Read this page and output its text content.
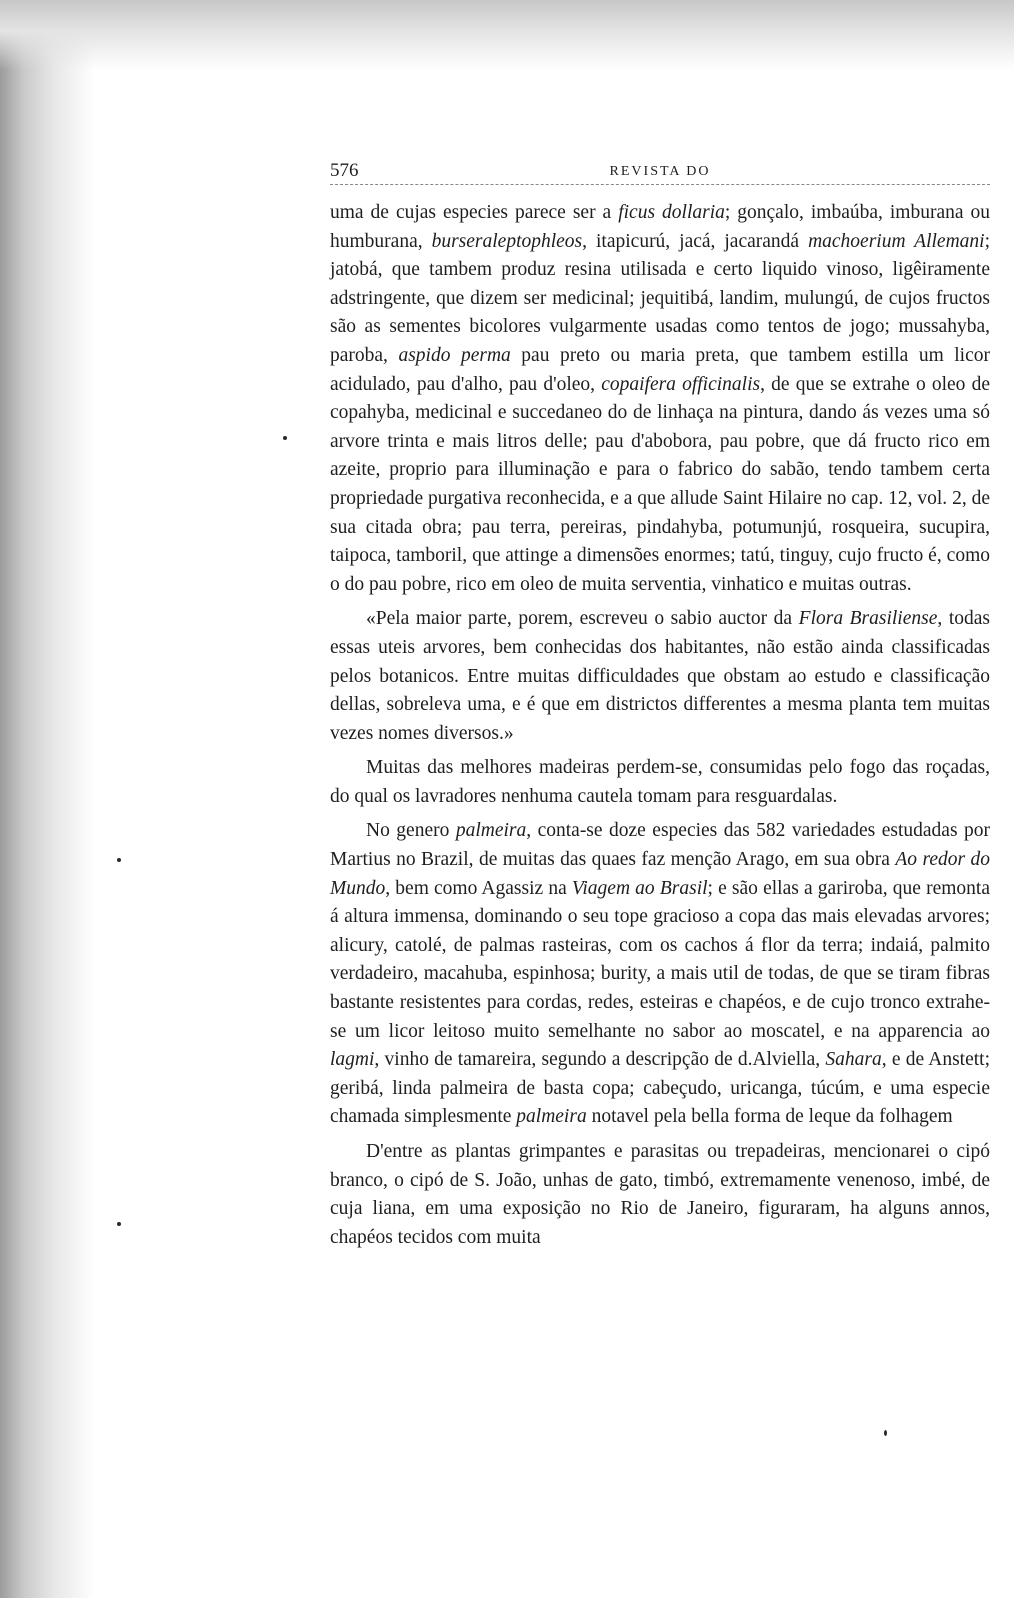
576	REVISTA DO

uma de cujas especies parece ser a ficus dollaria; gonçalo, imbaúba, imburana ou humburana, burseraleptophleos, itapicurú, jacá, jacarandá machoerium Allemani; jatobá, que tambem produz resina utilisada e certo liquido vinoso, ligêiramente adstringente, que dizem ser medicinal; jequitibá, landim, mulungú, de cujos fructos são as sementes bicolores vulgarmente usadas como tentos de jogo; mussahyba, paroba, aspido perma pau preto ou maria preta, que tambem estilla um licor acidulado, pau d'alho, pau d'oleo, copaifera officinalis, de que se extrahe o oleo de copahyba, medicinal e succedaneo do de linhaça na pintura, dando ás vezes uma só arvore trinta e mais litros delle; pau d'abobora, pau pobre, que dá fructo rico em azeite, proprio para illuminação e para o fabrico do sabão, tendo tambem certa propriedade purgativa reconhecida, e a que allude Saint Hilaire no cap. 12, vol. 2, de sua citada obra; pau terra, pereiras, pindahyba, potumunjú, rosqueira, sucupira, taipoca, tamboril, que attinge a dimensões enormes; tatú, tinguy, cujo fructo é, como o do pau pobre, rico em oleo de muita serventia, vinhatico e muitas outras.

«Pela maior parte, porem, escreveu o sabio auctor da Flora Brasiliense, todas essas uteis arvores, bem conhecidas dos habitantes, não estão ainda classificadas pelos botanicos. Entre muitas difficuldades que obstam ao estudo e classificação dellas, sobreleva uma, e é que em districtos differentes a mesma planta tem muitas vezes nomes diversos.»

Muitas das melhores madeiras perdem-se, consumidas pelo fogo das roçadas, do qual os lavradores nenhuma cautela tomam para resguardalas.

No genero palmeira, conta-se doze especies das 582 variedades estudadas por Martius no Brazil, de muitas das quaes faz menção Arago, em sua obra Ao redor do Mundo, bem como Agassiz na Viagem ao Brasil; e são ellas a gariroba, que remonta á altura immensa, dominando o seu tope gracioso a copa das mais elevadas arvores; alicury, catolé, de palmas rasteiras, com os cachos á flor da terra; indaiá, palmito verdadeiro, macahuba, espinhosa; burity, a mais util de todas, de que se tiram fibras bastante resistentes para cordas, redes, esteiras e chapéos, e de cujo tronco extrahe-se um licor leitoso muito semelhante no sabor ao moscatel, e na apparencia ao lagmi, vinho de tamareira, segundo a descripção de d.Alviella, Sahara, e de Anstett; geribá, linda palmeira de basta copa; cabeçudo, uricanga, túcúm, e uma especie chamada simplesmente palmeira notavel pela bella forma de leque da folhagem

D'entre as plantas grimpantes e parasitas ou trepadeiras, mencionarei o cipó branco, o cipó de S. João, unhas de gato, timbó, extremamente venenoso, imbé, de cuja liana, em uma exposição no Rio de Janeiro, figuraram, ha alguns annos, chapéos tecidos com muita
